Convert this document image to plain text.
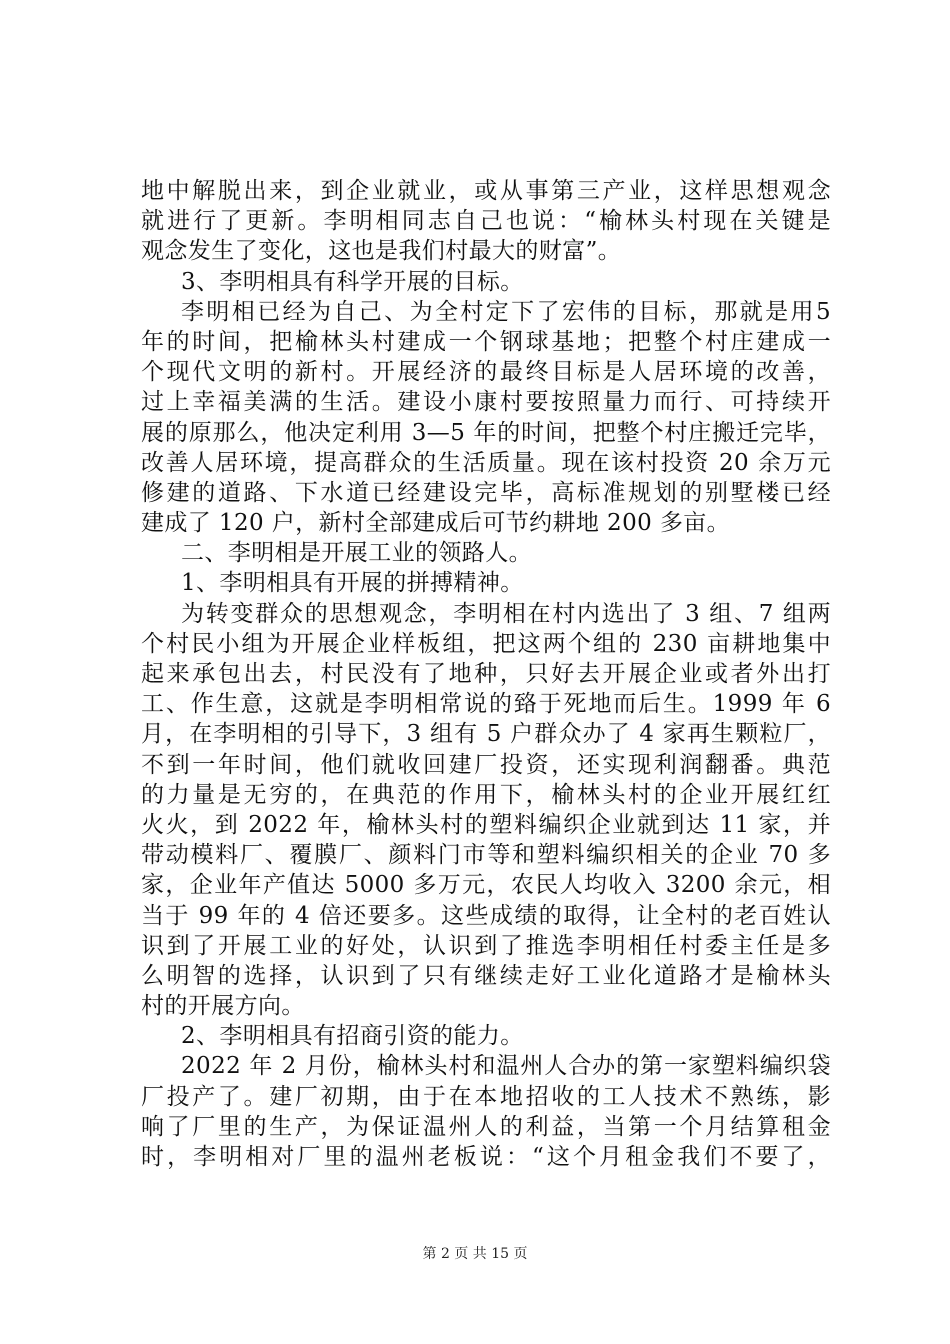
地中解脱出来，到企业就业，或从事第三产业，这样思想观念
就进行了更新。李明相同志自己也说：“榆林头村现在关键是
观念发生了变化，这也是我们村最大的财富”。
3、李明相具有科学开展的目标。
李明相已经为自己、为全村定下了宏伟的目标，那就是用5
年的时间，把榆林头村建成一个钢球基地；把整个村庄建成一
个现代文明的新村。开展经济的最终目标是人居环境的改善，
过上幸福美满的生活。建设小康村要按照量力而行、可持续开
展的原那么，他决定利用 3—5 年的时间，把整个村庄搬迁完毕，
改善人居环境，提高群众的生活质量。现在该村投资 20 余万元
修建的道路、下水道已经建设完毕，高标准规划的别墅楼已经
建成了 120 户，新村全部建成后可节约耕地 200 多亩。
二、李明相是开展工业的领路人。
1、李明相具有开展的拼搏精神。
为转变群众的思想观念，李明相在村内选出了 3 组、7 组两
个村民小组为开展企业样板组，把这两个组的 230 亩耕地集中
起来承包出去，村民没有了地种，只好去开展企业或者外出打
工、作生意，这就是李明相常说的臵于死地而后生。1999 年 6
月，在李明相的引导下，3 组有 5 户群众办了 4 家再生颗粒厂，
不到一年时间，他们就收回建厂投资，还实现利润翻番。典范
的力量是无穷的，在典范的作用下，榆林头村的企业开展红红
火火，到 2022 年，榆林头村的塑料编织企业就到达 11 家，并
带动模料厂、覆膜厂、颜料门市等和塑料编织相关的企业 70 多
家，企业年产值达 5000 多万元，农民人均收入 3200 余元，相
当于 99 年的 4 倍还要多。这些成绩的取得，让全村的老百姓认
识到了开展工业的好处，认识到了推选李明相任村委主任是多
么明智的选择，认识到了只有继续走好工业化道路才是榆林头
村的开展方向。
2、李明相具有招商引资的能力。
2022 年 2 月份，榆林头村和温州人合办的第一家塑料编织袋
厂投产了。建厂初期，由于在本地招收的工人技术不熟练，影
响了厂里的生产，为保证温州人的利益，当第一个月结算租金
时，李明相对厂里的温州老板说：“这个月租金我们不要了，
第 2 页 共 15 页
